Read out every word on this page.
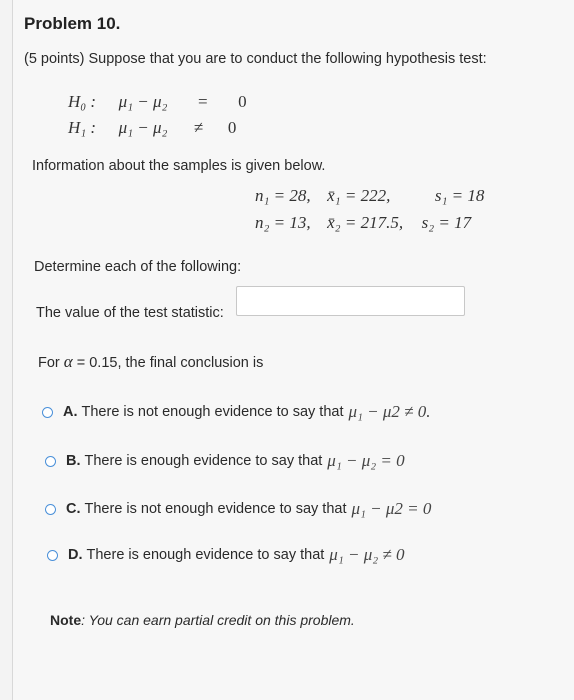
Problem 10.
(5 points) Suppose that you are to conduct the following hypothesis test:
H₀ : μ₁ − μ₂ = 0
H₁ : μ₁ − μ₂ ≠ 0
Information about the samples is given below.
n₁ = 28, x̄₁ = 222,	s₁ = 18
n₂ = 13, x̄₂ = 217.5, s₂ = 17
Determine each of the following:
The value of the test statistic:
For α = 0.15, the final conclusion is
A. There is not enough evidence to say that μ₁ − μ2 ≠ 0.
B. There is enough evidence to say that μ₁ − μ₂ = 0
C. There is not enough evidence to say that μ₁ − μ2 = 0
D. There is enough evidence to say that μ₁ − μ₂ ≠ 0
Note: You can earn partial credit on this problem.
